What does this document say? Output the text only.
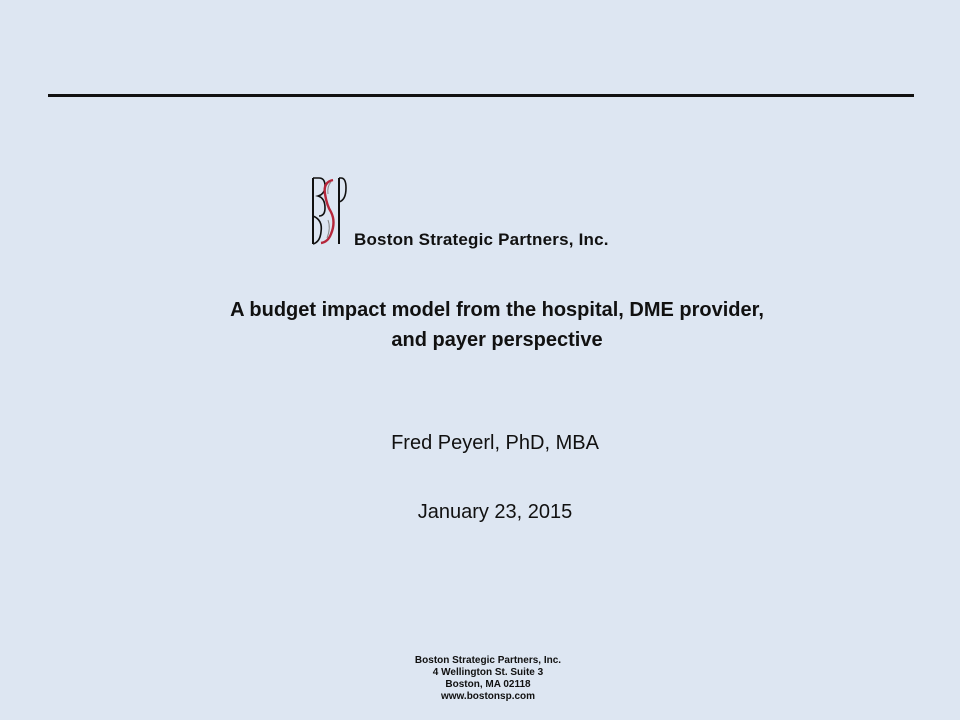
Boston Strategic Partners, Inc.
A budget impact model from the hospital, DME provider,
and payer perspective
Fred Peyerl, PhD, MBA
January 23, 2015
Boston Strategic Partners, Inc.
4 Wellington St. Suite 3
Boston, MA 02118
www.bostonsp.com
